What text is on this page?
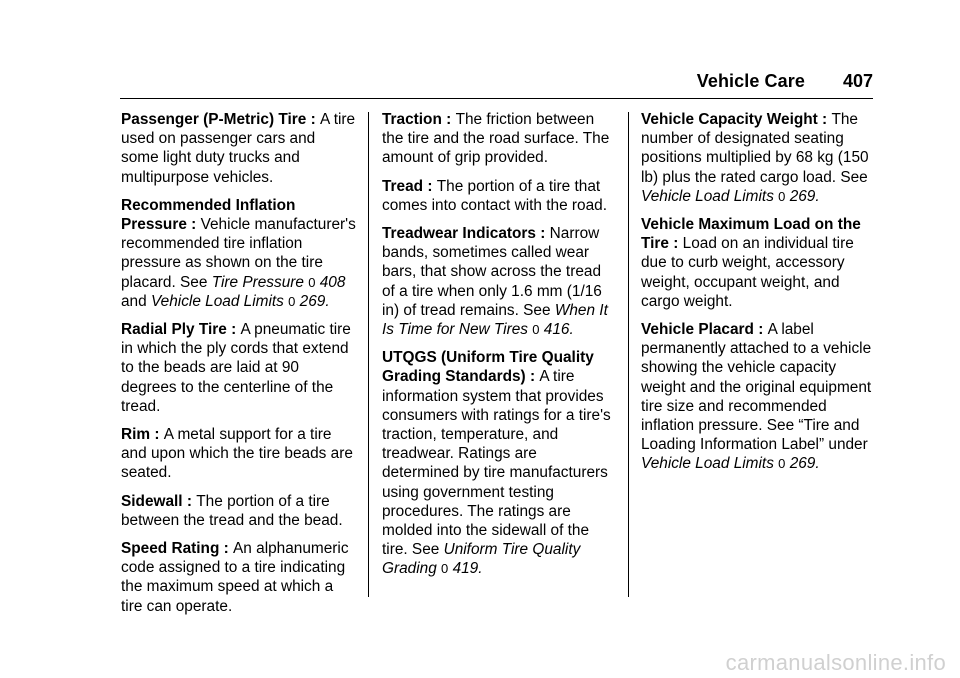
Vehicle Care 407

Passenger (P-Metric) Tire : A tire used on passenger cars and some light duty trucks and multipurpose vehicles.

Recommended Inflation Pressure : Vehicle manufacturer's recommended tire inflation pressure as shown on the tire placard. See Tire Pressure 0 408 and Vehicle Load Limits 0 269.

Radial Ply Tire : A pneumatic tire in which the ply cords that extend to the beads are laid at 90 degrees to the centerline of the tread.

Rim : A metal support for a tire and upon which the tire beads are seated.

Sidewall : The portion of a tire between the tread and the bead.

Speed Rating : An alphanumeric code assigned to a tire indicating the maximum speed at which a tire can operate.

Traction : The friction between the tire and the road surface. The amount of grip provided.

Tread : The portion of a tire that comes into contact with the road.

Treadwear Indicators : Narrow bands, sometimes called wear bars, that show across the tread of a tire when only 1.6 mm (1/16 in) of tread remains. See When It Is Time for New Tires 0 416.

UTQGS (Uniform Tire Quality Grading Standards) : A tire information system that provides consumers with ratings for a tire's traction, temperature, and treadwear. Ratings are determined by tire manufacturers using government testing procedures. The ratings are molded into the sidewall of the tire. See Uniform Tire Quality Grading 0 419.

Vehicle Capacity Weight : The number of designated seating positions multiplied by 68 kg (150 lb) plus the rated cargo load. See Vehicle Load Limits 0 269.

Vehicle Maximum Load on the Tire : Load on an individual tire due to curb weight, accessory weight, occupant weight, and cargo weight.

Vehicle Placard : A label permanently attached to a vehicle showing the vehicle capacity weight and the original equipment tire size and recommended inflation pressure. See “Tire and Loading Information Label” under Vehicle Load Limits 0 269.

carmanualsonline.info
